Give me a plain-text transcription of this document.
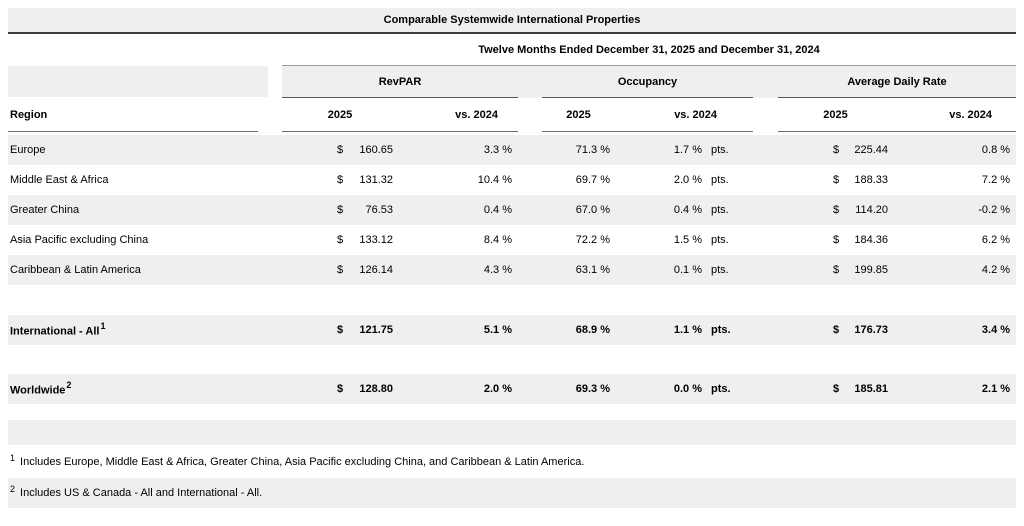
Comparable Systemwide International Properties
Twelve Months Ended December 31, 2025 and December 31, 2024
	RevPAR			Occupancy				Average Daily Rate	
Region	2025	vs. 2024		2025	vs. 2024			2025	vs. 2024

Europe	$ 160.65	3.3 %		71.3 %	1.7 %	pts.		$ 225.44	0.8 %
Middle East & Africa	$ 131.32	10.4 %		69.7 %	2.0 %	pts.		$ 188.33	7.2 %
Greater China	$ 76.53	0.4 %		67.0 %	0.4 %	pts.		$ 114.20	-0.2 %
Asia Pacific excluding China	$ 133.12	8.4 %		72.2 %	1.5 %	pts.		$ 184.36	6.2 %
Caribbean & Latin America	$ 126.14	4.3 %		63.1 %	0.1 %	pts.		$ 199.85	4.2 %

International - All$^1$	$ 121.75	5.1 %		68.9 %	1.1 %	pts.		$ 176.73	3.4 %

Worldwide$^2$	$ 128.80	2.0 %		69.3 %	0.0 %	pts.		$ 185.81	2.1 %
1 Includes Europe, Middle East & Africa, Greater China, Asia Pacific excluding China, and Caribbean & Latin America.
2 Includes US & Canada - All and International - All.
